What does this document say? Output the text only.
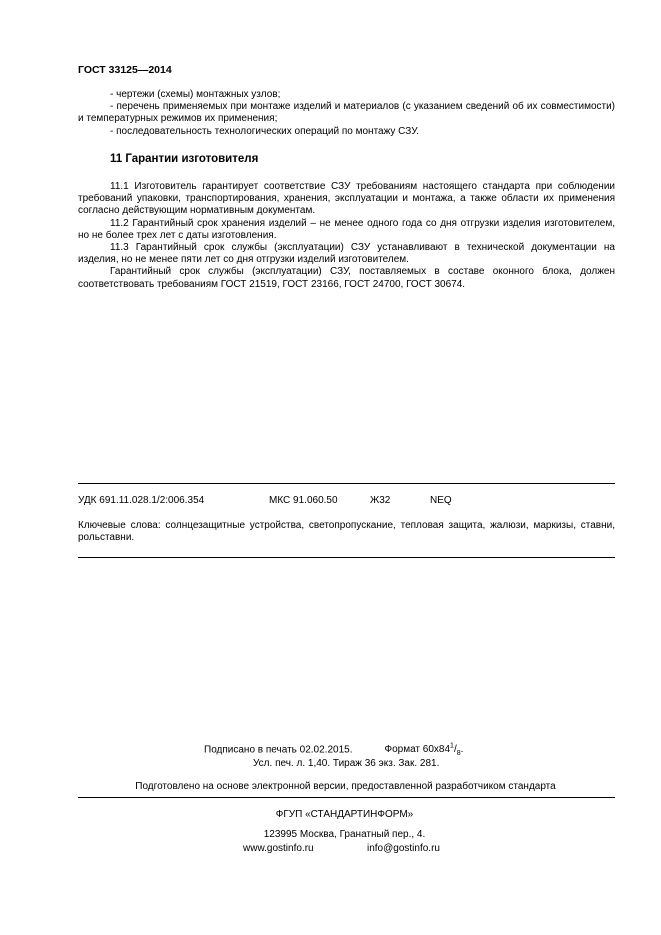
ГОСТ 33125—2014

- чертежи (схемы) монтажных узлов;

- перечень применяемых при монтаже изделий и материалов (с указанием сведений об их совместимости) и температурных режимов их применения;

- последовательность технологических операций по монтажу СЗУ.

11 Гарантии изготовителя

11.1 Изготовитель гарантирует соответствие СЗУ требованиям настоящего стандарта при соблюдении требований упаковки, транспортирования, хранения, эксплуатации и монтажа, а также области их применения согласно действующим нормативным документам.

11.2 Гарантийный срок хранения изделий – не менее одного года со дня отгрузки изделия изготовителем, но не более трех лет с даты изготовления.

11.3 Гарантийный срок службы (эксплуатации) СЗУ устанавливают в технической документации на изделия, но не менее пяти лет со дня отгрузки изделий изготовителем.

Гарантийный срок службы (эксплуатации) СЗУ, поставляемых в составе оконного блока, должен соответствовать требованиям ГОСТ 21519, ГОСТ 23166, ГОСТ 24700, ГОСТ 30674.

УДК 691.11.028.1/2:006.354	МКС 91.060.50	Ж32	NEQ
Ключевые слова: солнцезащитные устройства, светопропускание, тепловая защита, жалюзи, маркизы, ставни, рольставни.
Подписано в печать 02.02.2015.	Формат $60x84^1/_8$.
Усл. печ. л. 1,40. Тираж 36 экз. Зак. 281.
Подготовлено на основе электронной версии, предоставленной разработчиком стандарта
ФГУП «СТАНДАРТИНФОРМ»
123995 Москва, Гранатный пер., 4.
www.gostinfo.ru	info@gostinfo.ru
